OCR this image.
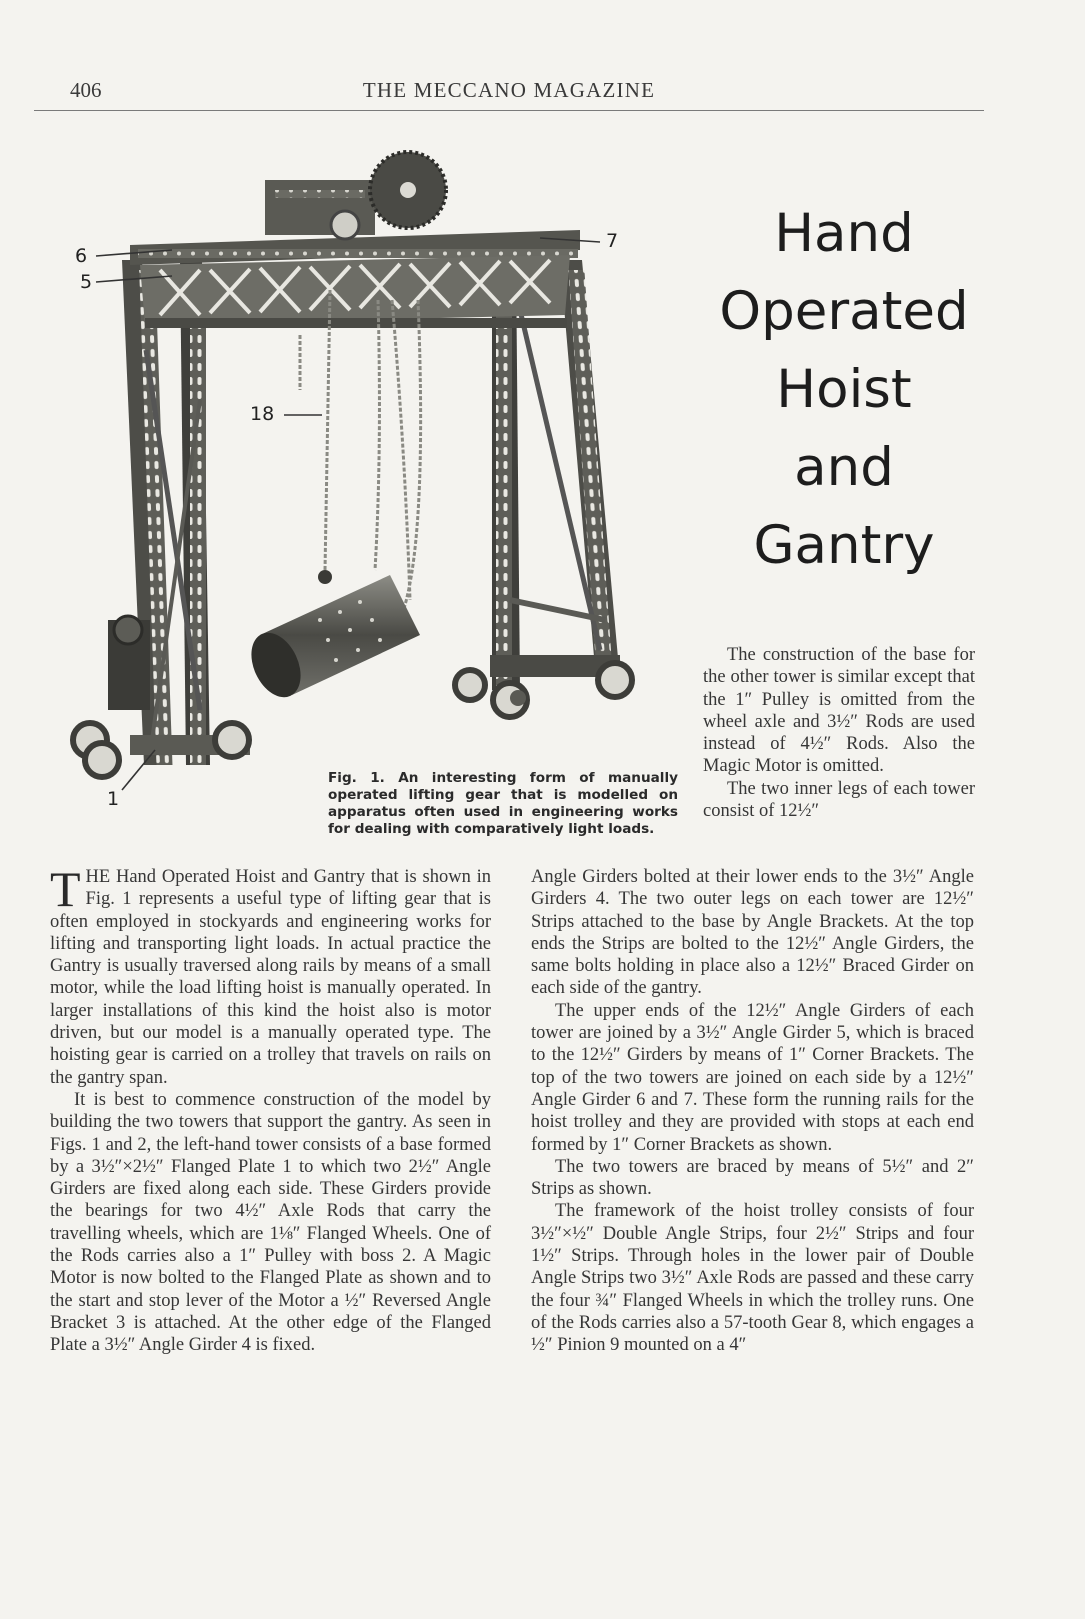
406	THE MECCANO MAGAZINE
Hand
Operated
Hoist
and
Gantry
6
5
7
18
1
Fig. 1. An interesting form of manually operated lifting gear that is modelled on apparatus often used in engineering works for dealing with comparatively light loads.

The construction of the base for the other tower is similar except that the 1″ Pulley is omitted from the wheel axle and 3½″ Rods are used instead of 4½″ Rods. Also the Magic Motor is omitted.

The two inner legs of each tower consist of 12½″

THE Hand Operated Hoist and Gantry that is shown in Fig. 1 represents a useful type of lifting gear that is often employed in stockyards and engineering works for lifting and transporting light loads. In actual practice the Gantry is usually traversed along rails by means of a small motor, while the load lifting hoist is manually operated. In larger installations of this kind the hoist also is motor driven, but our model is a manually operated type. The hoisting gear is carried on a trolley that travels on rails on the gantry span.

It is best to commence construction of the model by building the two towers that support the gantry. As seen in Figs. 1 and 2, the left-hand tower consists of a base formed by a 3½″×2½″ Flanged Plate 1 to which two 2½″ Angle Girders are fixed along each side. These Girders provide the bearings for two 4½″ Axle Rods that carry the travelling wheels, which are 1⅛″ Flanged Wheels. One of the Rods carries also a 1″ Pulley with boss 2. A Magic Motor is now bolted to the Flanged Plate as shown and to the start and stop lever of the Motor a ½″ Reversed Angle Bracket 3 is attached. At the other edge of the Flanged Plate a 3½″ Angle Girder 4 is fixed.

Angle Girders bolted at their lower ends to the 3½″ Angle Girders 4. The two outer legs on each tower are 12½″ Strips attached to the base by Angle Brackets. At the top ends the Strips are bolted to the 12½″ Angle Girders, the same bolts holding in place also a 12½″ Braced Girder on each side of the gantry.

The upper ends of the 12½″ Angle Girders of each tower are joined by a 3½″ Angle Girder 5, which is braced to the 12½″ Girders by means of 1″ Corner Brackets. The top of the two towers are joined on each side by a 12½″ Angle Girder 6 and 7. These form the running rails for the hoist trolley and they are provided with stops at each end formed by 1″ Corner Brackets as shown.

The two towers are braced by means of 5½″ and 2″ Strips as shown.

The framework of the hoist trolley consists of four 3½″×½″ Double Angle Strips, four 2½″ Strips and four 1½″ Strips. Through holes in the lower pair of Double Angle Strips two 3½″ Axle Rods are passed and these carry the four ¾″ Flanged Wheels in which the trolley runs. One of the Rods carries also a 57-tooth Gear 8, which engages a ½″ Pinion 9 mounted on a 4″
